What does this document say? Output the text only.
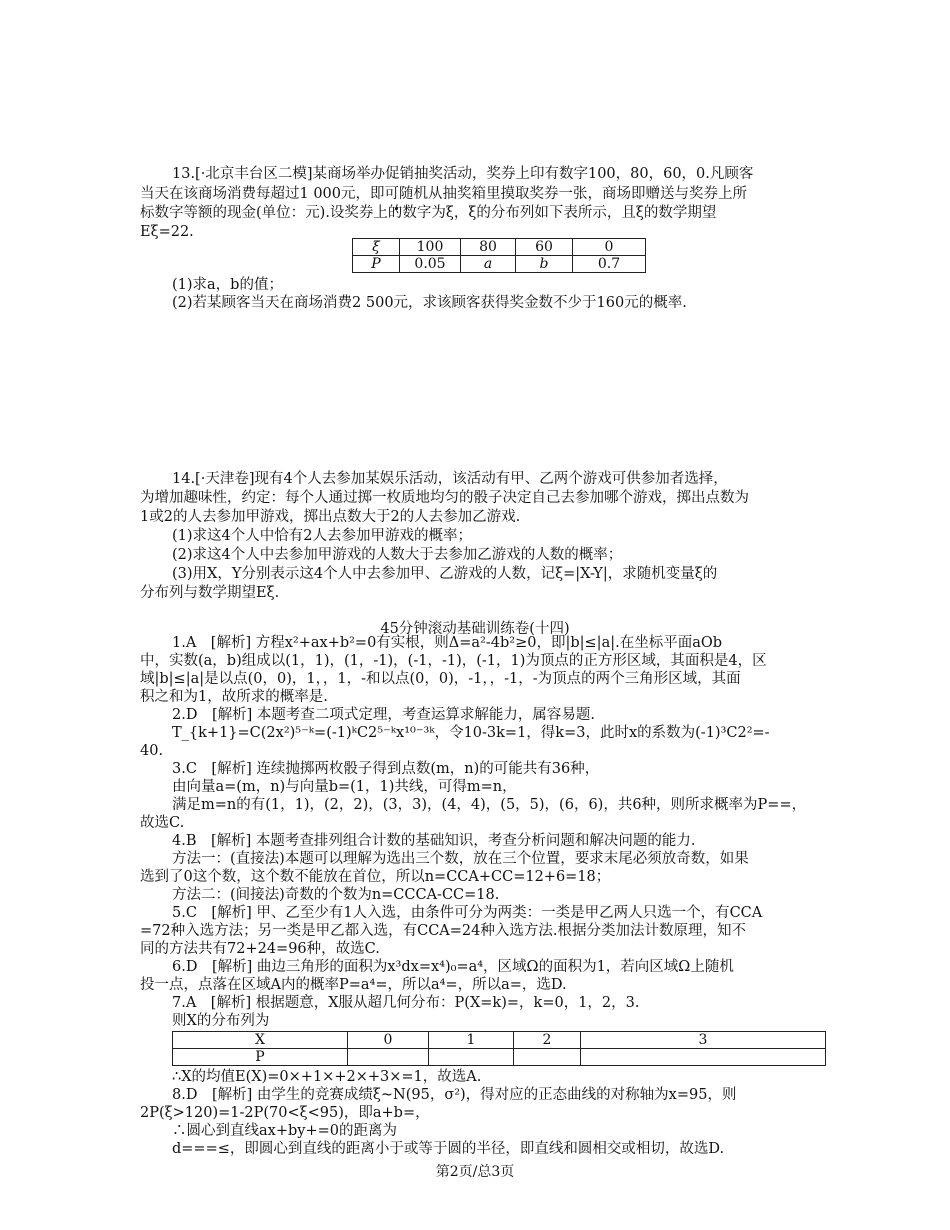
13.[·北京丰台区二模]某商场举办促销抽奖活动，奖券上印有数字100，80，60，0.凡顾客
当天在该商场消费每超过1 000元，即可随机从抽奖箱里摸取奖券一张，商场即赠送与奖券上所
标数字等额的现金(单位：元).设奖券上的数字为ξ，ξ的分布列如下表所示，且ξ的数学期望
Eξ=22.
ξ	100	80	60	0
P	0.05	a	b	0.7
(1)求a，b的值；
(2)若某顾客当天在商场消费2 500元，求该顾客获得奖金数不少于160元的概率.
14.[·天津卷]现有4个人去参加某娱乐活动，该活动有甲、乙两个游戏可供参加者选择，
为增加趣味性，约定：每个人通过掷一枚质地均匀的骰子决定自己去参加哪个游戏，掷出点数为
1或2的人去参加甲游戏，掷出点数大于2的人去参加乙游戏.
(1)求这4个人中恰有2人去参加甲游戏的概率；
(2)求这4个人中去参加甲游戏的人数大于去参加乙游戏的人数的概率；
(3)用X，Y分别表示这4个人中去参加甲、乙游戏的人数，记ξ=|X-Y|，求随机变量ξ的
分布列与数学期望Eξ.
45分钟滚动基础训练卷(十四)
1.A　[解析] 方程x²+ax+b²=0有实根，则Δ=a²-4b²≥0，即|b|≤|a|.在坐标平面aOb
中，实数(a，b)组成以(1，1)，(1，-1)，(-1，-1)，(-1，1)为顶点的正方形区域，其面积是4，区
域|b|≤|a|是以点(0，0)，1，，1，-和以点(0，0)，-1，，-1，-为顶点的两个三角形区域，其面
积之和为1，故所求的概率是.
2.D　[解析] 本题考查二项式定理，考查运算求解能力，属容易题.
T_{k+1}=C(2x²)⁵⁻ᵏ=(-1)ᵏC2⁵⁻ᵏx¹⁰⁻³ᵏ，令10-3k=1，得k=3，此时x的系数为(-1)³C2²=-
40.
3.C　[解析] 连续抛掷两枚骰子得到点数(m，n)的可能共有36种，
由向量a=(m，n)与向量b=(1，1)共线，可得m=n，
满足m=n的有(1，1)，(2，2)，(3，3)，(4，4)，(5，5)，(6，6)，共6种，则所求概率为P==，
故选C.
4.B　[解析] 本题考查排列组合计数的基础知识，考查分析问题和解决问题的能力.
方法一：(直接法)本题可以理解为选出三个数，放在三个位置，要求末尾必须放奇数，如果
选到了0这个数，这个数不能放在首位，所以n=CCA+CC=12+6=18；
方法二：(间接法)奇数的个数为n=CCCA-CC=18.
5.C　[解析] 甲、乙至少有1人入选，由条件可分为两类：一类是甲乙两人只选一个，有CCA
=72种入选方法；另一类是甲乙都入选，有CCA=24种入选方法.根据分类加法计数原理，知不
同的方法共有72+24=96种，故选C.
6.D　[解析] 曲边三角形的面积为x³dx=x⁴)₀=a⁴，区域Ω的面积为1，若向区域Ω上随机
投一点，点落在区域A内的概率P=a⁴=，所以a⁴=，所以a=，选D.
7.A　[解析] 根据题意，X服从超几何分布：P(X=k)=，k=0，1，2，3.
则X的分布列为
X	0	1	2	3
P				
∴X的均值E(X)=0×+1×+2×+3×=1，故选A.
8.D　[解析] 由学生的竞赛成绩ξ~N(95，σ²)，得对应的正态曲线的对称轴为x=95，则
2P(ξ>120)=1-2P(70<ξ<95)，即a+b=，
∴圆心到直线ax+by+=0的距离为
d===≤，即圆心到直线的距离小于或等于圆的半径，即直线和圆相交或相切，故选D.
第2页/总3页
